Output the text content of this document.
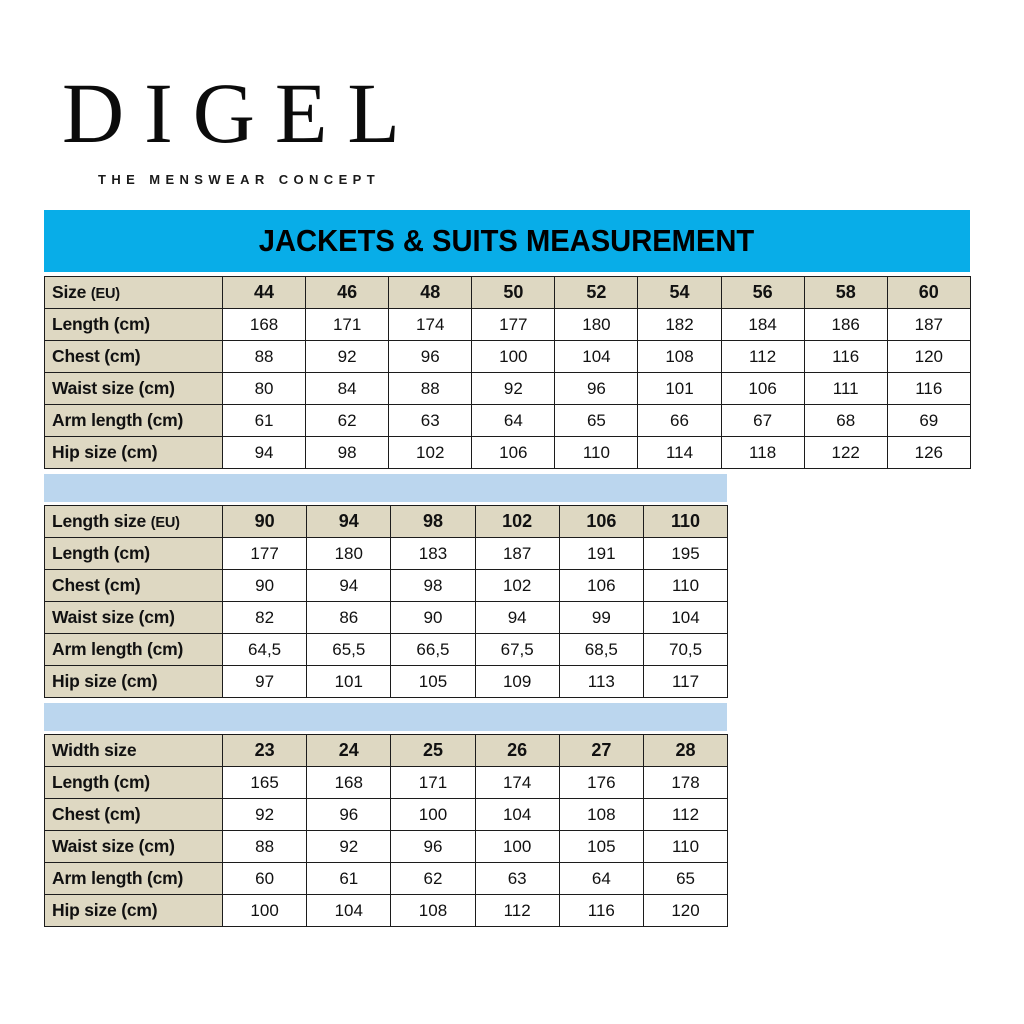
DIGEL
THE MENSWEAR CONCEPT
JACKETS & SUITS MEASUREMENT
Size (EU)	44	46	48	50	52	54	56	58	60
Length (cm)	168	171	174	177	180	182	184	186	187
Chest (cm)	88	92	96	100	104	108	112	116	120
Waist size (cm)	80	84	88	92	96	101	106	111	116
Arm length (cm)	61	62	63	64	65	66	67	68	69
Hip size (cm)	94	98	102	106	110	114	118	122	126
Length size (EU)	90	94	98	102	106	110
Length (cm)	177	180	183	187	191	195
Chest (cm)	90	94	98	102	106	110
Waist size (cm)	82	86	90	94	99	104
Arm length (cm)	64,5	65,5	66,5	67,5	68,5	70,5
Hip size (cm)	97	101	105	109	113	117
Width size	23	24	25	26	27	28
Length (cm)	165	168	171	174	176	178
Chest (cm)	92	96	100	104	108	112
Waist size (cm)	88	92	96	100	105	110
Arm length (cm)	60	61	62	63	64	65
Hip size (cm)	100	104	108	112	116	120
